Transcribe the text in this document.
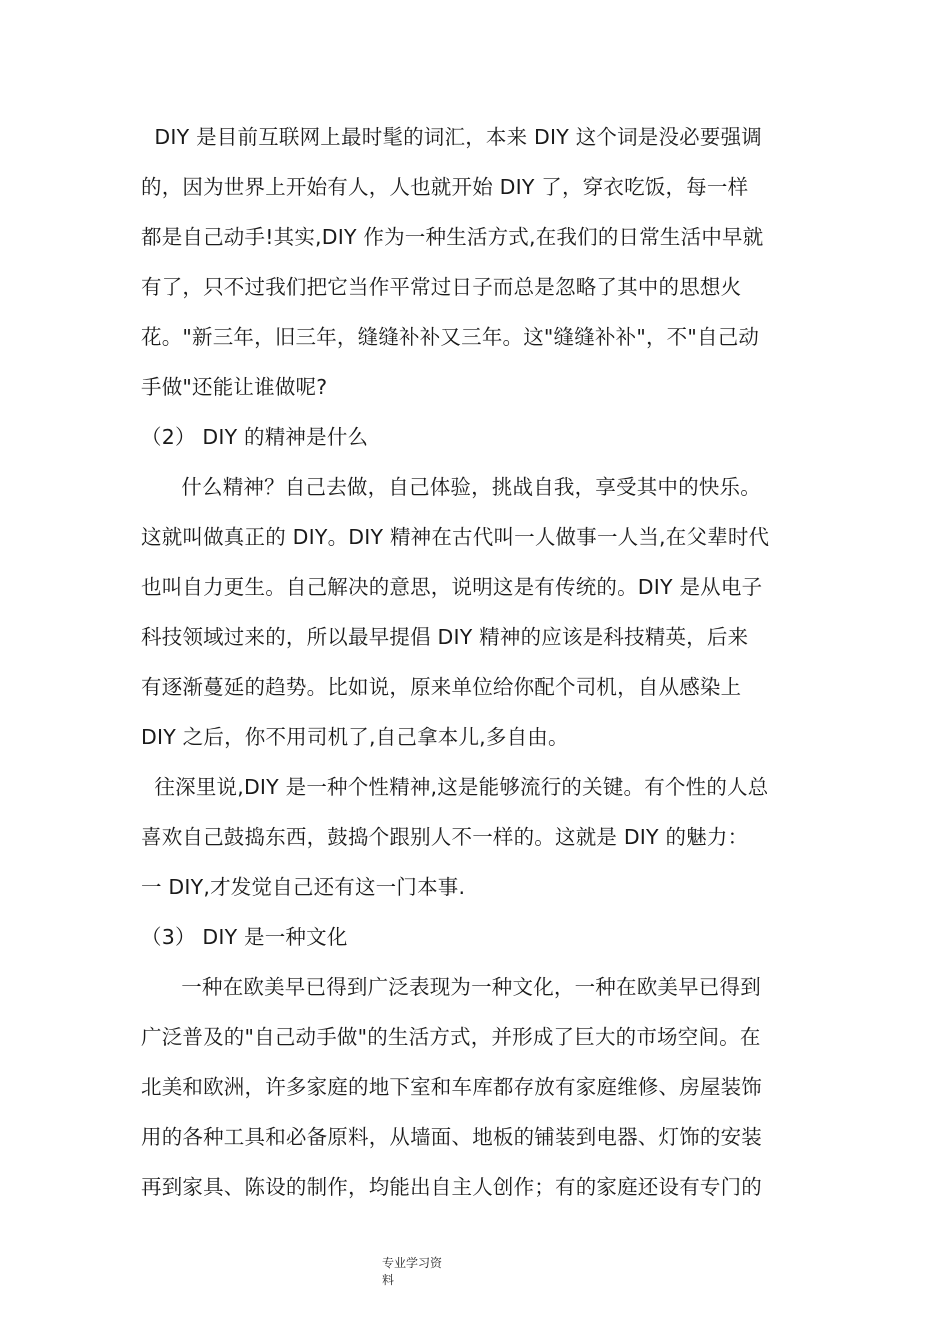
DIY 是目前互联网上最时髦的词汇，本来 DIY 这个词是没必要强调
的，因为世界上开始有人，人也就开始 DIY 了，穿衣吃饭，每一样
都是自己动手!其实,DIY 作为一种生活方式,在我们的日常生活中早就
有了，只不过我们把它当作平常过日子而总是忽略了其中的思想火
花。"新三年，旧三年，缝缝补补又三年。这"缝缝补补"，不"自己动
手做"还能让谁做呢?
（2） DIY 的精神是什么
什么精神？自己去做，自己体验，挑战自我，享受其中的快乐。
这就叫做真正的 DIY。DIY 精神在古代叫一人做事一人当,在父辈时代
也叫自力更生。自己解决的意思，说明这是有传统的。DIY 是从电子
科技领域过来的，所以最早提倡 DIY 精神的应该是科技精英，后来
有逐渐蔓延的趋势。比如说，原来单位给你配个司机，自从感染上
DIY 之后，你不用司机了,自己拿本儿,多自由。
往深里说,DIY 是一种个性精神,这是能够流行的关键。有个性的人总
喜欢自己鼓捣东西，鼓捣个跟别人不一样的。这就是 DIY 的魅力：
一 DIY,才发觉自己还有这一门本事.
（3） DIY 是一种文化
一种在欧美早已得到广泛表现为一种文化，一种在欧美早已得到
广泛普及的"自己动手做"的生活方式，并形成了巨大的市场空间。在
北美和欧洲，许多家庭的地下室和车库都存放有家庭维修、房屋装饰
用的各种工具和必备原料，从墙面、地板的铺装到电器、灯饰的安装
再到家具、陈设的制作，均能出自主人创作；有的家庭还设有专门的
专业学习资
料
